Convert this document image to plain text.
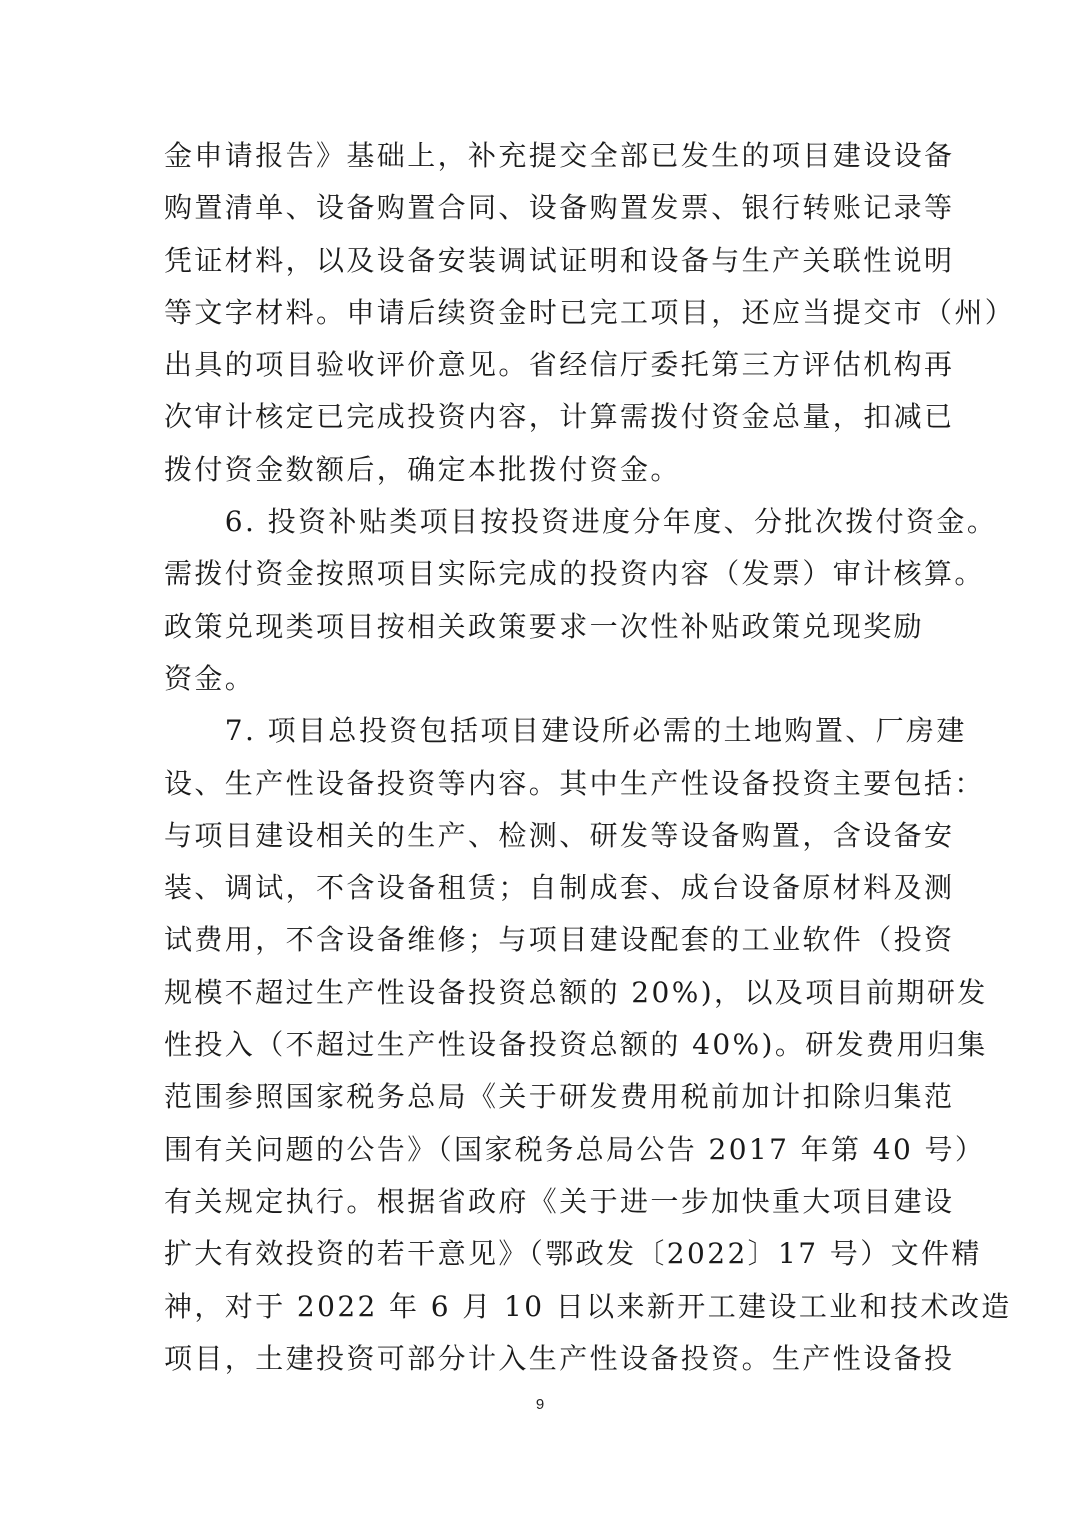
金申请报告》基础上，补充提交全部已发生的项目建设设备
购置清单、设备购置合同、设备购置发票、银行转账记录等
凭证材料，以及设备安装调试证明和设备与生产关联性说明
等文字材料。申请后续资金时已完工项目，还应当提交市（州）
出具的项目验收评价意见。省经信厅委托第三方评估机构再
次审计核定已完成投资内容，计算需拨付资金总量，扣减已
拨付资金数额后，确定本批拨付资金。
　　6. 投资补贴类项目按投资进度分年度、分批次拨付资金。
需拨付资金按照项目实际完成的投资内容（发票）审计核算。
政策兑现类项目按相关政策要求一次性补贴政策兑现奖励
资金。
　　7. 项目总投资包括项目建设所必需的土地购置、厂房建
设、生产性设备投资等内容。其中生产性设备投资主要包括：
与项目建设相关的生产、检测、研发等设备购置，含设备安
装、调试，不含设备租赁；自制成套、成台设备原材料及测
试费用，不含设备维修；与项目建设配套的工业软件（投资
规模不超过生产性设备投资总额的 20%)，以及项目前期研发
性投入（不超过生产性设备投资总额的 40%)。研发费用归集
范围参照国家税务总局《关于研发费用税前加计扣除归集范
围有关问题的公告》（国家税务总局公告 2017 年第 40 号）
有关规定执行。根据省政府《关于进一步加快重大项目建设
扩大有效投资的若干意见》（鄂政发〔2022〕17 号）文件精
神，对于 2022 年 6 月 10 日以来新开工建设工业和技术改造
项目，土建投资可部分计入生产性设备投资。生产性设备投
9
